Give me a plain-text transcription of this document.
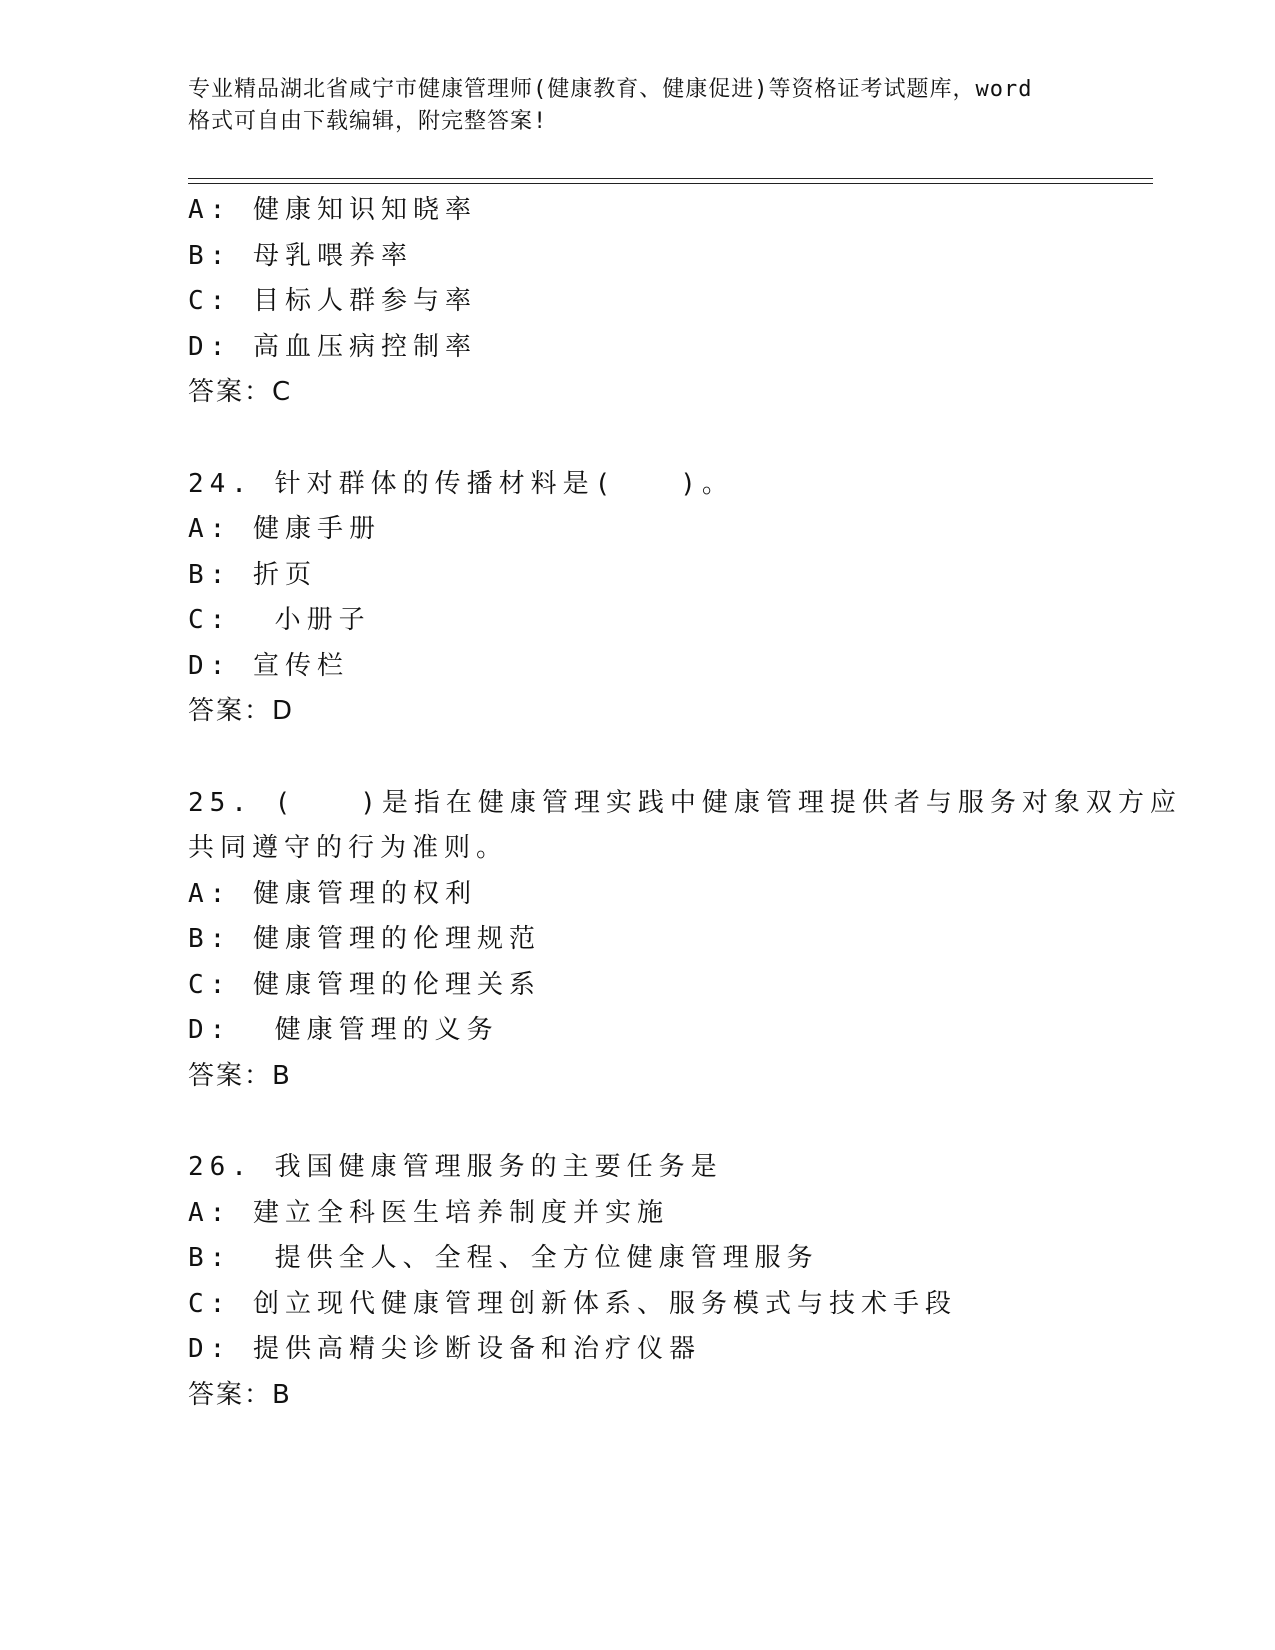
专业精品湖北省咸宁市健康管理师(健康教育、健康促进)等资格证考试题库，word
格式可自由下载编辑，附完整答案!
A: 健康知识知晓率
B: 母乳喂养率
C: 目标人群参与率
D: 高血压病控制率
答案：C
24. 针对群体的传播材料是(　　)。
A: 健康手册
B: 折页
C:  小册子
D: 宣传栏
答案：D
25. (　　)是指在健康管理实践中健康管理提供者与服务对象双方应
共同遵守的行为准则。
A: 健康管理的权利
B: 健康管理的伦理规范
C: 健康管理的伦理关系
D:  健康管理的义务
答案：B
26. 我国健康管理服务的主要任务是
A: 建立全科医生培养制度并实施
B:  提供全人、全程、全方位健康管理服务
C: 创立现代健康管理创新体系、服务模式与技术手段
D: 提供高精尖诊断设备和治疗仪器
答案：B
